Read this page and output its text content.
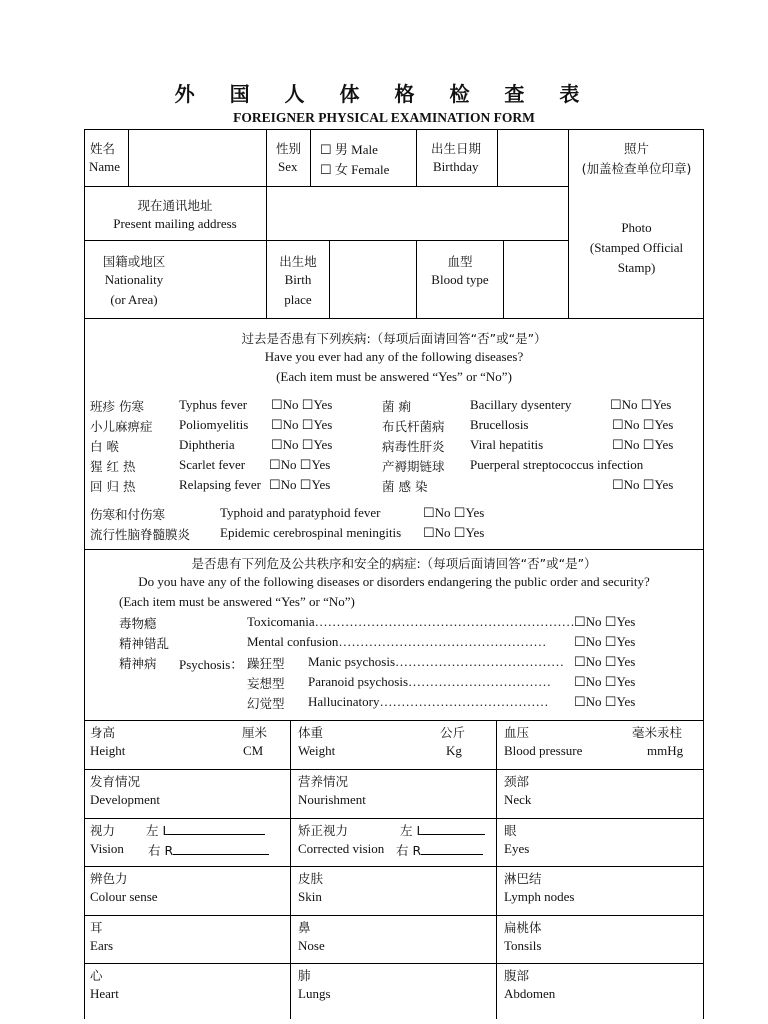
外 国 人 体 格 检 查 表
FOREIGNER PHYSICAL EXAMINATION FORM
姓名
Name
性别
Sex
☐ 男 Male
☐ 女 Female
出生日期
Birthday
照片
(加盖检查单位印章)
Photo
(Stamped Official
Stamp)
现在通讯地址
Present mailing address
国籍或地区
Nationality
(or Area)
出生地
Birth
place
血型
Blood type
过去是否患有下列疾病:（每项后面请回答“否”或“是”）
Have you ever had any of the following diseases?
(Each item must be answered “Yes” or “No”)
班疹 伤寒	Typhus fever ☐No ☐Yes
小儿麻痹症 Poliomyelitis ☐No ☐Yes
白 喉	Diphtheria	☐No ☐Yes
猩 红 热	Scarlet fever ☐No ☐Yes
回 归 热	Relapsing fever ☐No ☐Yes
菌 痢	Bacillary dysentery	☐No ☐Yes
布氏杆菌病 Brucellosis	☐No ☐Yes
病毒性肝炎 Viral hepatitis	☐No ☐Yes
产褥期链球 Puerperal streptococcus infection
菌 感 染	☐No ☐Yes
伤寒和付伤寒	Typhoid and paratyphoid fever	☐No ☐Yes
流行性脑脊髓膜炎 Epidemic cerebrospinal meningitis ☐No ☐Yes
是否患有下列危及公共秩序和安全的病症:（每项后面请回答“否”或“是”）
Do you have any of the following diseases or disorders endangering the public order and security?
(Each item must be answered “Yes” or “No”)
毒物瘾	Toxicomania…………………………………………………… ☐No ☐Yes
精神错乱	Mental confusion………………………………………… ☐No ☐Yes
精神病 Psychosis： 躁狂型 Manic psychosis………………………………… ☐No ☐Yes
妄想型 Paranoid psychosis…………………………… ☐No ☐Yes
幻觉型 Hallucinatory………………………………… ☐No ☐Yes
身高	厘米
Height	CM
体重	公斤
Weight	Kg
血压	毫米汞柱
Blood pressure	mmHg
发育情况
Development
营养情况
Nourishment
颈部
Neck
视力 左 L
Vision 右 R
矫正视力	左 L
Corrected vision 右 R
眼
Eyes
辨色力
Colour sense
皮肤
Skin
淋巴结
Lymph nodes
耳
Ears
鼻
Nose
扁桃体
Tonsils
心
Heart
肺
Lungs
腹部
Abdomen
